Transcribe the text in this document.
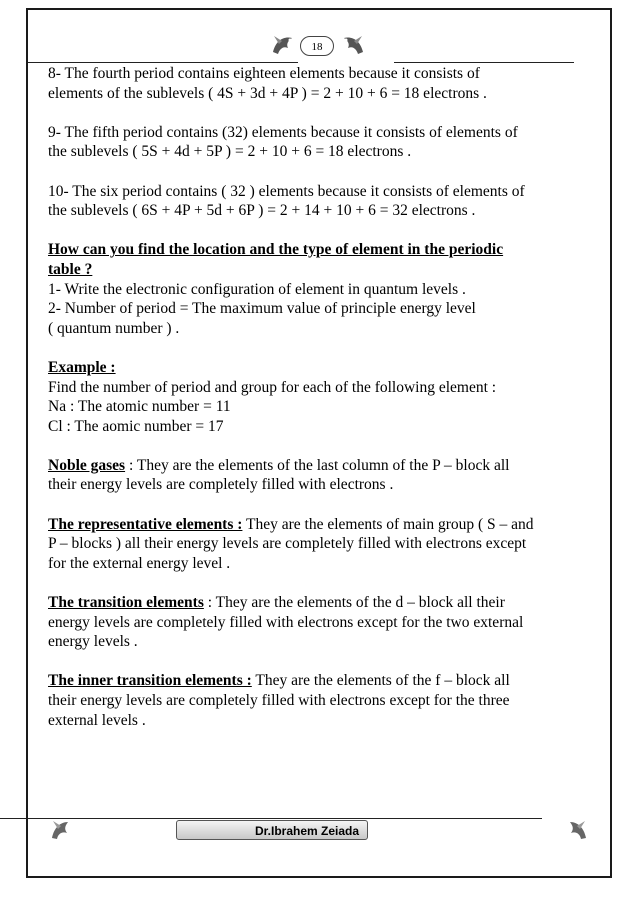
18

8- The fourth period contains eighteen elements because it consists of
elements of the sublevels ( 4S + 3d + 4P ) = 2 + 10 + 6 = 18 electrons .

9- The fifth period contains (32) elements because it consists of elements of
the sublevels ( 5S + 4d + 5P ) = 2 + 10 + 6 = 18 electrons .

10- The six period contains ( 32 ) elements because it consists of elements of
the sublevels ( 6S + 4P + 5d + 6P ) = 2 + 14 + 10 + 6 = 32 electrons .

How can you find the location and the type of element in the periodic
table ?
1- Write the electronic configuration of element in quantum levels .
2- Number of period = The maximum value of principle energy level
( quantum number ) .
Example :
Find the number of period and group for each of the following element :
Na : The atomic number = 11
Cl : The aomic number = 17

Noble gases : They are the elements of the last column of the P – block all
their energy levels are completely filled with electrons .

The representative elements : They are the elements of main group ( S – and
P – blocks ) all their energy levels are completely filled with electrons except
for the external energy level .

The transition elements : They are the elements of the d – block all their
energy levels are completely filled with electrons except for the two external
energy levels .

The inner transition elements : They are the elements of the f – block all
their energy levels are completely filled with electrons except for the three
external levels .

Dr.Ibrahem Zeiada
